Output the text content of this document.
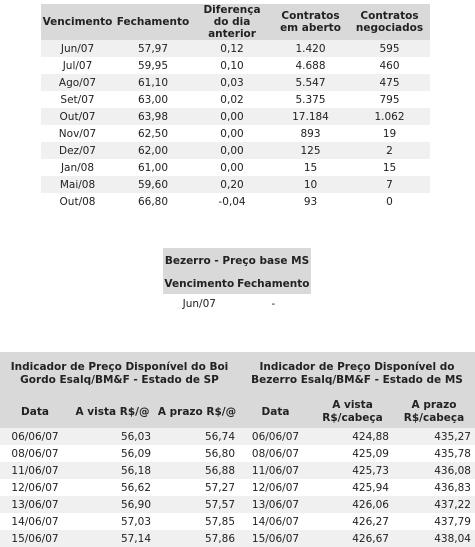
Vencimento	Fechamento	Diferença do dia anterior	Contratos em aberto	Contratos negociados
Jun/07	57,97	0,12	1.420	595
Jul/07	59,95	0,10	4.688	460
Ago/07	61,10	0,03	5.547	475
Set/07	63,00	0,02	5.375	795
Out/07	63,98	0,00	17.184	1.062
Nov/07	62,50	0,00	893	19
Dez/07	62,00	0,00	125	2
Jan/08	61,00	0,00	15	15
Mai/08	59,60	0,20	10	7
Out/08	66,80	-0,04	93	0
Bezerro - Preço base MS	
Vencimento	Fechamento
Jun/07	-
Indicador de Preço Disponível do Boi Gordo Esalq/BM&F - Estado de SP			Indicador de Preço Disponível do Bezerro Esalq/BM&F - Estado de MS		
Data	A vista R$/@	A prazo R$/@	Data	A vista R$/cabeça	A prazo R$/cabeça
06/06/07	56,03	56,74	06/06/07	424,88	435,27
08/06/07	56,09	56,80	08/06/07	425,09	435,78
11/06/07	56,18	56,88	11/06/07	425,73	436,08
12/06/07	56,62	57,27	12/06/07	425,94	436,83
13/06/07	56,90	57,57	13/06/07	426,06	437,22
14/06/07	57,03	57,85	14/06/07	426,27	437,79
15/06/07	57,14	57,86	15/06/07	426,67	438,04
